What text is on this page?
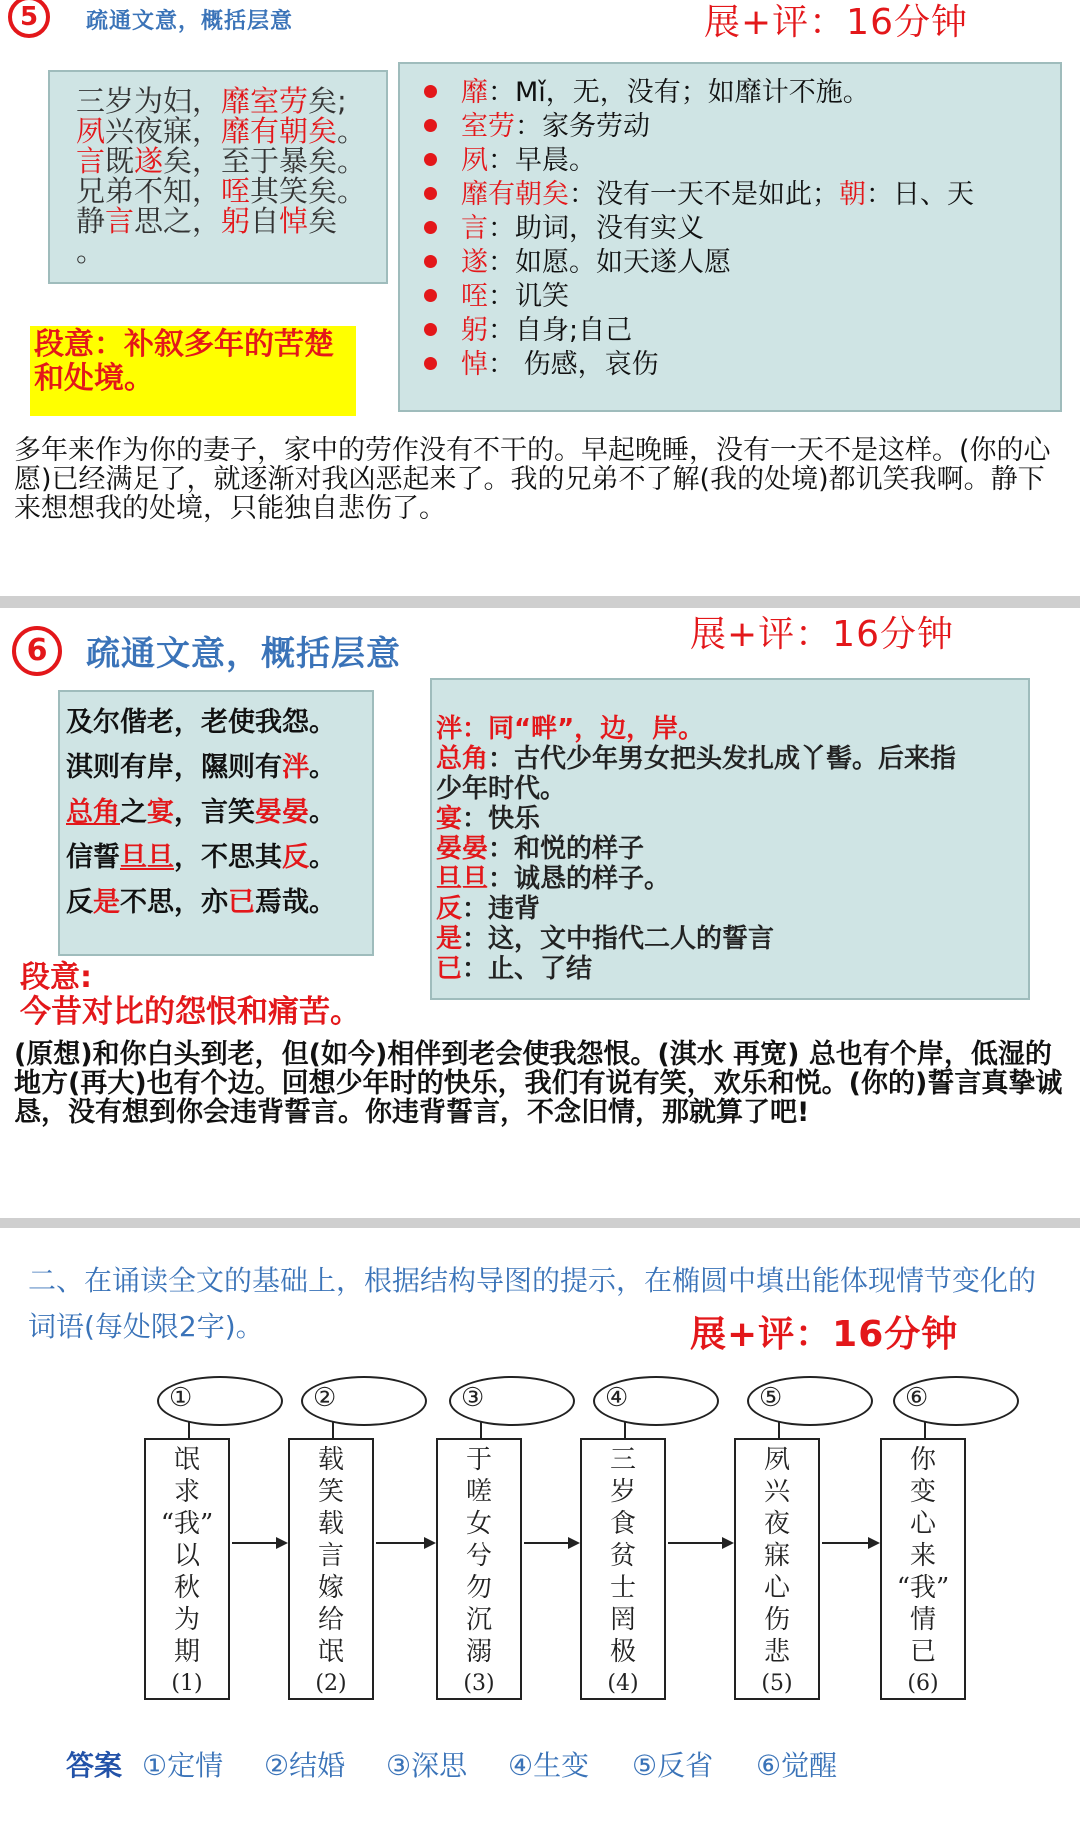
5	疏通文意，概括层意	展+评：16分钟
三岁为妇，靡室劳矣;
夙兴夜寐，靡有朝矣。
言既遂矣，至于暴矣。
兄弟不知，咥其笑矣。
静言思之，躬自悼矣
。
段意：补叙多年的苦楚和处境。
靡：Mǐ，无，没有；如靡计不施。
室劳：家务劳动
夙：早晨。
靡有朝矣：没有一天不是如此；朝：日、天
言：助词，没有实义
遂：如愿。如天遂人愿
咥：讥笑
躬：自身;自己
悼： 伤感，哀伤
多年来作为你的妻子，家中的劳作没有不干的。早起晚睡，没有一天不是这样。(你的心愿)已经满足了，就逐渐对我凶恶起来了。我的兄弟不了解(我的处境)都讥笑我啊。静下来想想我的处境，只能独自悲伤了。
6	疏通文意，概括层意	展+评：16分钟
及尔偕老，老使我怨。
淇则有岸，隰则有泮。
总角之宴，言笑晏晏。
信誓旦旦，不思其反。
反是不思，亦已焉哉。
段意:
今昔对比的怨恨和痛苦。
泮：同“畔”，边，岸。
总角：古代少年男女把头发扎成丫髻。后来指
少年时代。
宴：快乐
晏晏：和悦的样子
旦旦：诚恳的样子。
反：违背
是：这，文中指代二人的誓言
已：止、了结
(原想)和你白头到老，但(如今)相伴到老会使我怨恨。(淇水 再宽) 总也有个岸，低湿的地方(再大)也有个边。回想少年时的快乐，我们有说有笑，欢乐和悦。(你的)誓言真挚诚恳，没有想到你会违背誓言。你违背誓言，不念旧情，那就算了吧!
二、在诵读全文的基础上，根据结构导图的提示，在椭圆中填出能体现情节变化的词语(每处限2字)。	展+评：16分钟
①
氓
求
“我”
以
秋
为
期
(1)
②
载
笑
载
言
嫁
给
氓
(2)
③
于
嗟
女
兮
勿
沉
溺
(3)
④
三
岁
食
贫
士
罔
极
(4)
⑤
夙
兴
夜
寐
心
伤
悲
(5)
⑥
你
变
心
来
“我”
情
已
(6)
答案 ①定情 ②结婚 ③深思 ④生变 ⑤反省 ⑥觉醒
